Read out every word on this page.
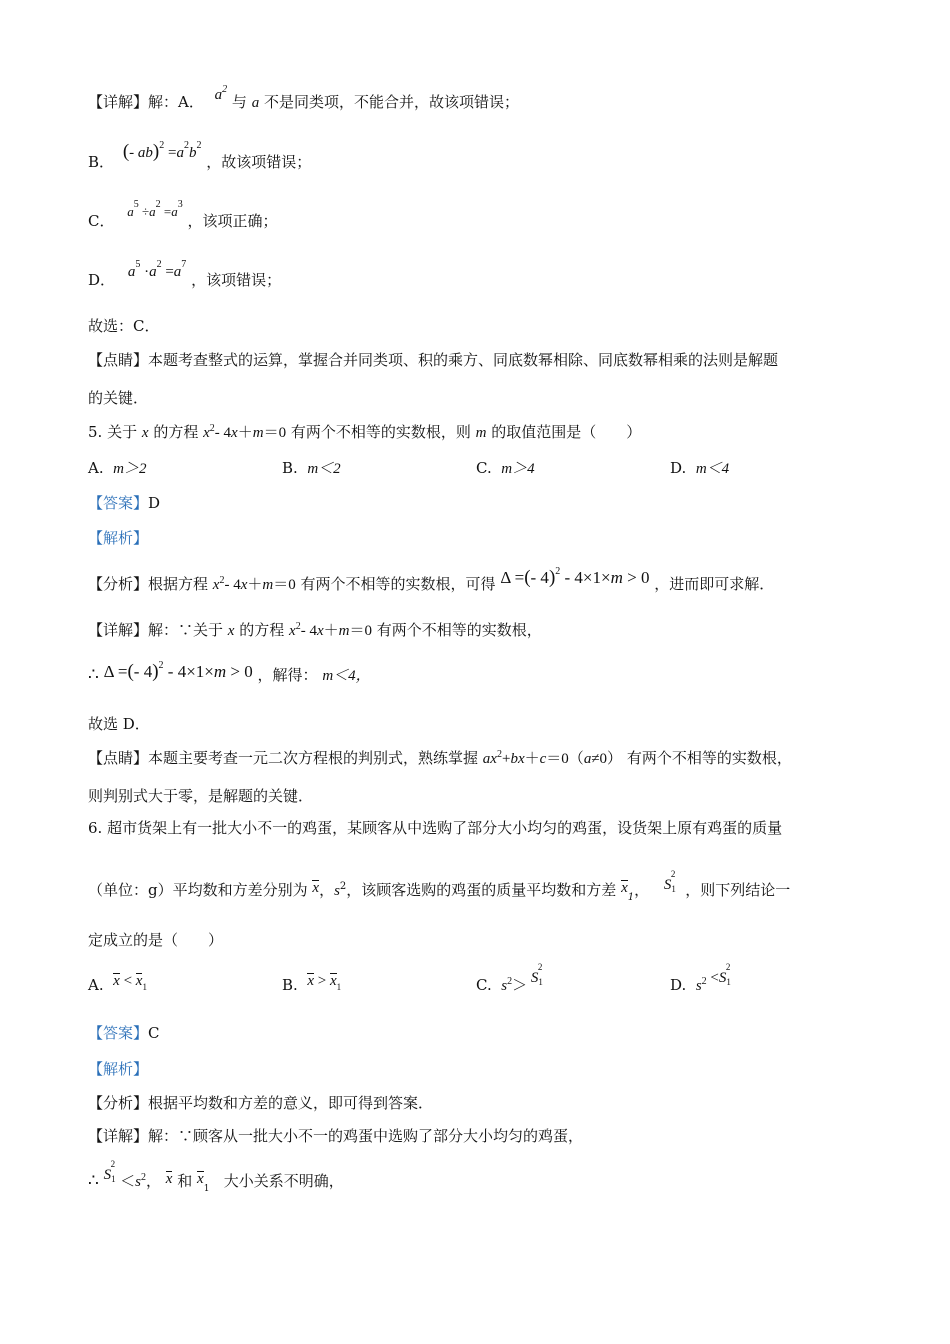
【详解】解：A． $a^2$ 与 a 不是同类项，不能合并，故该项错误；
B． (- $ab)^2 =a^2b^2$ ，故该项错误；
C． $a^5 \div a^2 =a^3$ ，该项正确；
D． $a^5 \cdot a^2 =a^7$ ，该项错误；
故选：C．
【点睛】本题考查整式的运算，掌握合并同类项、积的乘方、同底数幂相除、同底数幂相乘的法则是解题
的关键．
5. 关于 x 的方程 $x^2-$ 4x＋m＝0 有两个不相等的实数根，则 m 的取值范围是（　　）
A. m＞2	B. m＜2	C. m＞4	D. m＜4
【答案】D
【解析】
【分析】根据方程 $x^2-$ 4x＋m＝0 有两个不相等的实数根，可得 Δ =(- 4)$^2$ - 4×1×m > 0 ，进而即可求解．
【详解】解：∵关于 x 的方程 $x^2-$ 4x＋m＝0 有两个不相等的实数根，
∴ Δ =(- 4)$^2$ - 4×1×m > 0 ，解得： m＜4，
故选 D．
【点睛】本题主要考查一元二次方程根的判别式，熟练掌握 $ax^2+bx+c=0(a\ne 0)$ 有两个不相等的实数根，
则判别式大于零，是解题的关键．
6. 超市货架上有一批大小不一的鸡蛋，某顾客从中选购了部分大小均匀的鸡蛋，设货架上原有鸡蛋的质量
（单位：g）平均数和方差分别为 x，$s^2$，该顾客选购的鸡蛋的质量平均数和方差 $x_1$， $S_1^2$ ，则下列结论一
定成立的是（　　）
A. $x < x_1$	B. $x > x_1$	C. $s^2> S_1^2$
D. $s^2 <S_1^2$
【答案】C
【解析】
【分析】根据平均数和方差的意义，即可得到答案．
【详解】解：∵顾客从一批大小不一的鸡蛋中选购了部分大小均匀的鸡蛋，
∴ $S_1^2<s^2$， x 和 $x_1$ 大小关系不明确，
